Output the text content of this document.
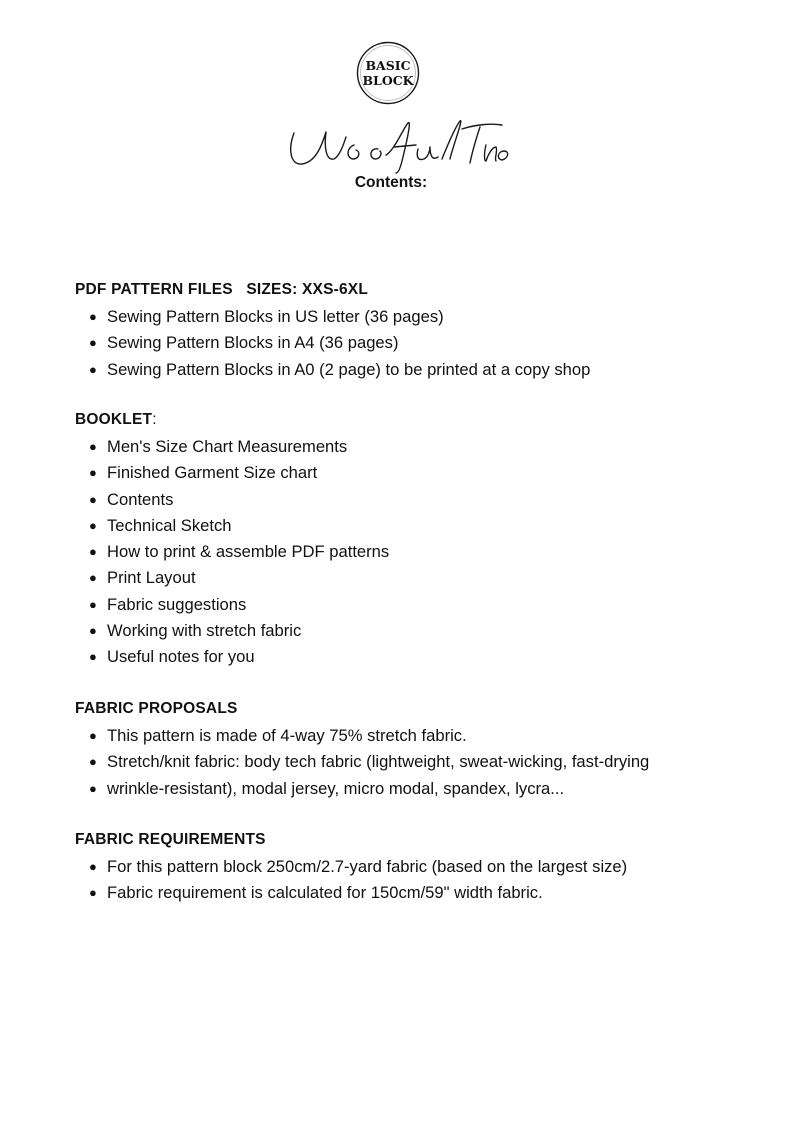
BASIC
BLOCK
Contents:
PDF PATTERN FILES   SIZES: XXS-6XL
● Sewing Pattern Blocks in US letter (36 pages)
● Sewing Pattern Blocks in A4 (36 pages)
● Sewing Pattern Blocks in A0 (2 page) to be printed at a copy shop
BOOKLET:
● Men's Size Chart Measurements
● Finished Garment Size chart
● Contents
● Technical Sketch
● How to print & assemble PDF patterns
● Print Layout
● Fabric suggestions
● Working with stretch fabric
● Useful notes for you
FABRIC PROPOSALS
● This pattern is made of 4-way 75% stretch fabric.
● Stretch/knit fabric: body tech fabric (lightweight, sweat-wicking, fast-drying
● wrinkle-resistant), modal jersey, micro modal, spandex, lycra...
FABRIC REQUIREMENTS
● For this pattern block 250cm/2.7-yard fabric (based on the largest size)
● Fabric requirement is calculated for 150cm/59" width fabric.
